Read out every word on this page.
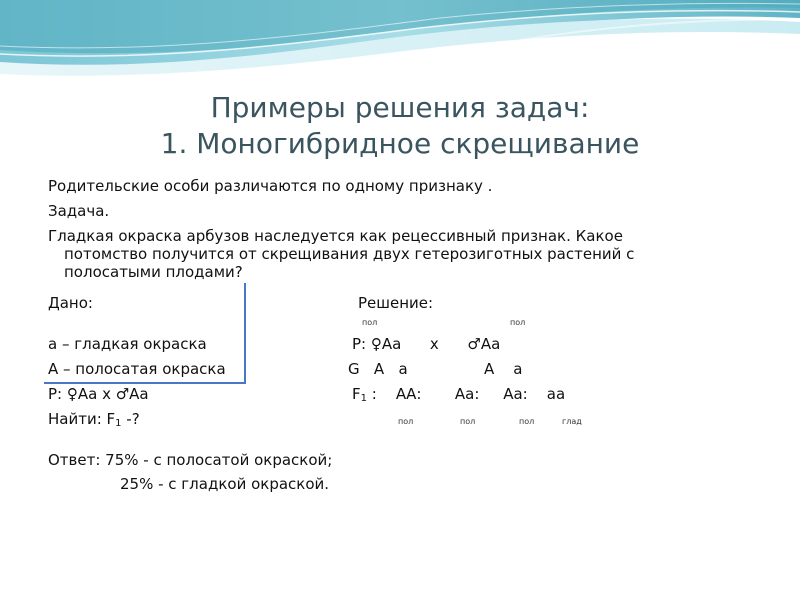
Примеры решения задач:
1. Моногибридное скрещивание
Родительские особи различаются по одному признаку .
Задача.
Гладкая окраска арбузов наследуется как рецессивный признак. Какое
потомство получится от скрещивания двух гетерозиготных растений с
полосатыми плодами?
Дано:	Решение:
пол	пол
а – гладкая окраска	Р: ♀Аа      х      ♂Аа
А – полосатая окраска	G   А   а                А    а
Р: ♀Аа х ♂Аа	$F_1$ :    АА:       Аа:     Аа:    аа
Найти: $F_1$ -?	пол	пол	пол	глад
Ответ: 75% - с полосатой окраской;
25% - с гладкой окраской.
